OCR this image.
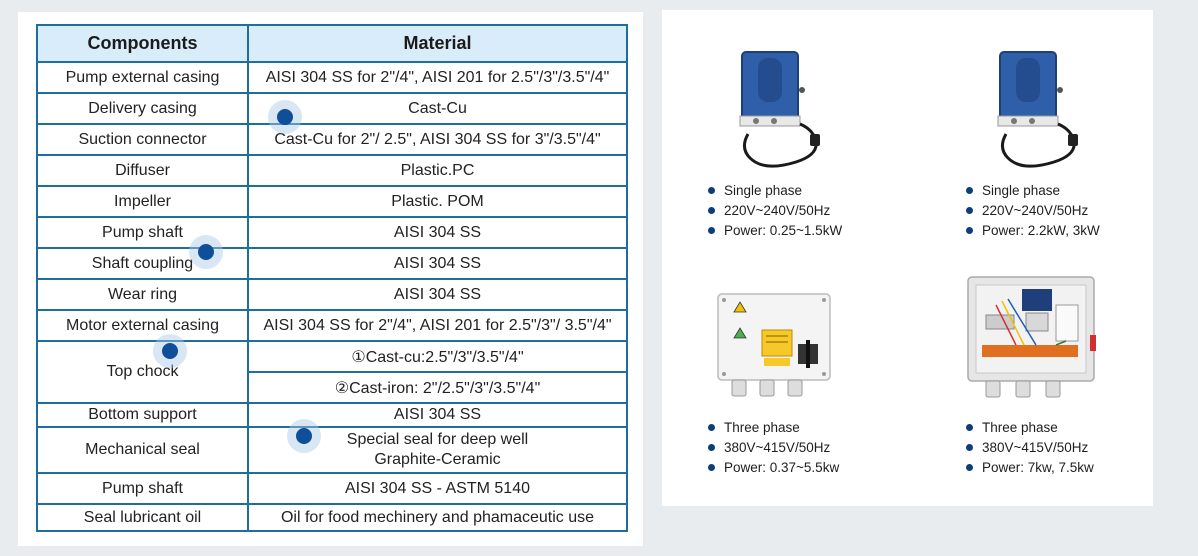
Components	Material
Pump external casing	AISI 304 SS for 2"/4", AISI 201 for 2.5"/3"/3.5"/4"
Delivery casing	Cast-Cu
Suction connector	Cast-Cu for 2"/ 2.5", AISI 304 SS for 3"/3.5"/4"
Diffuser	Plastic.PC
Impeller	Plastic. POM
Pump shaft	AISI 304 SS
Shaft coupling	AISI 304 SS
Wear ring	AISI 304 SS
Motor external casing	AISI 304 SS for 2"/4", AISI 201 for 2.5"/3"/ 3.5"/4"
Top chock	①Cast-cu:2.5"/3"/3.5"/4"
	②Cast-iron: 2"/2.5"/3"/3.5"/4"
Bottom support	AISI 304 SS
Mechanical seal	Special seal for deep well
Graphite-Ceramic

Pump shaft	AISI 304 SS - ASTM 5140
Seal lubricant oil	Oil for food mechinery and phamaceutic use
Single phase
220V~240V/50Hz
Power: 0.25~1.5kW
Single phase
220V~240V/50Hz
Power: 2.2kW, 3kW
Three phase
380V~415V/50Hz
Power: 0.37~5.5kw
Three phase
380V~415V/50Hz
Power: 7kw, 7.5kw
